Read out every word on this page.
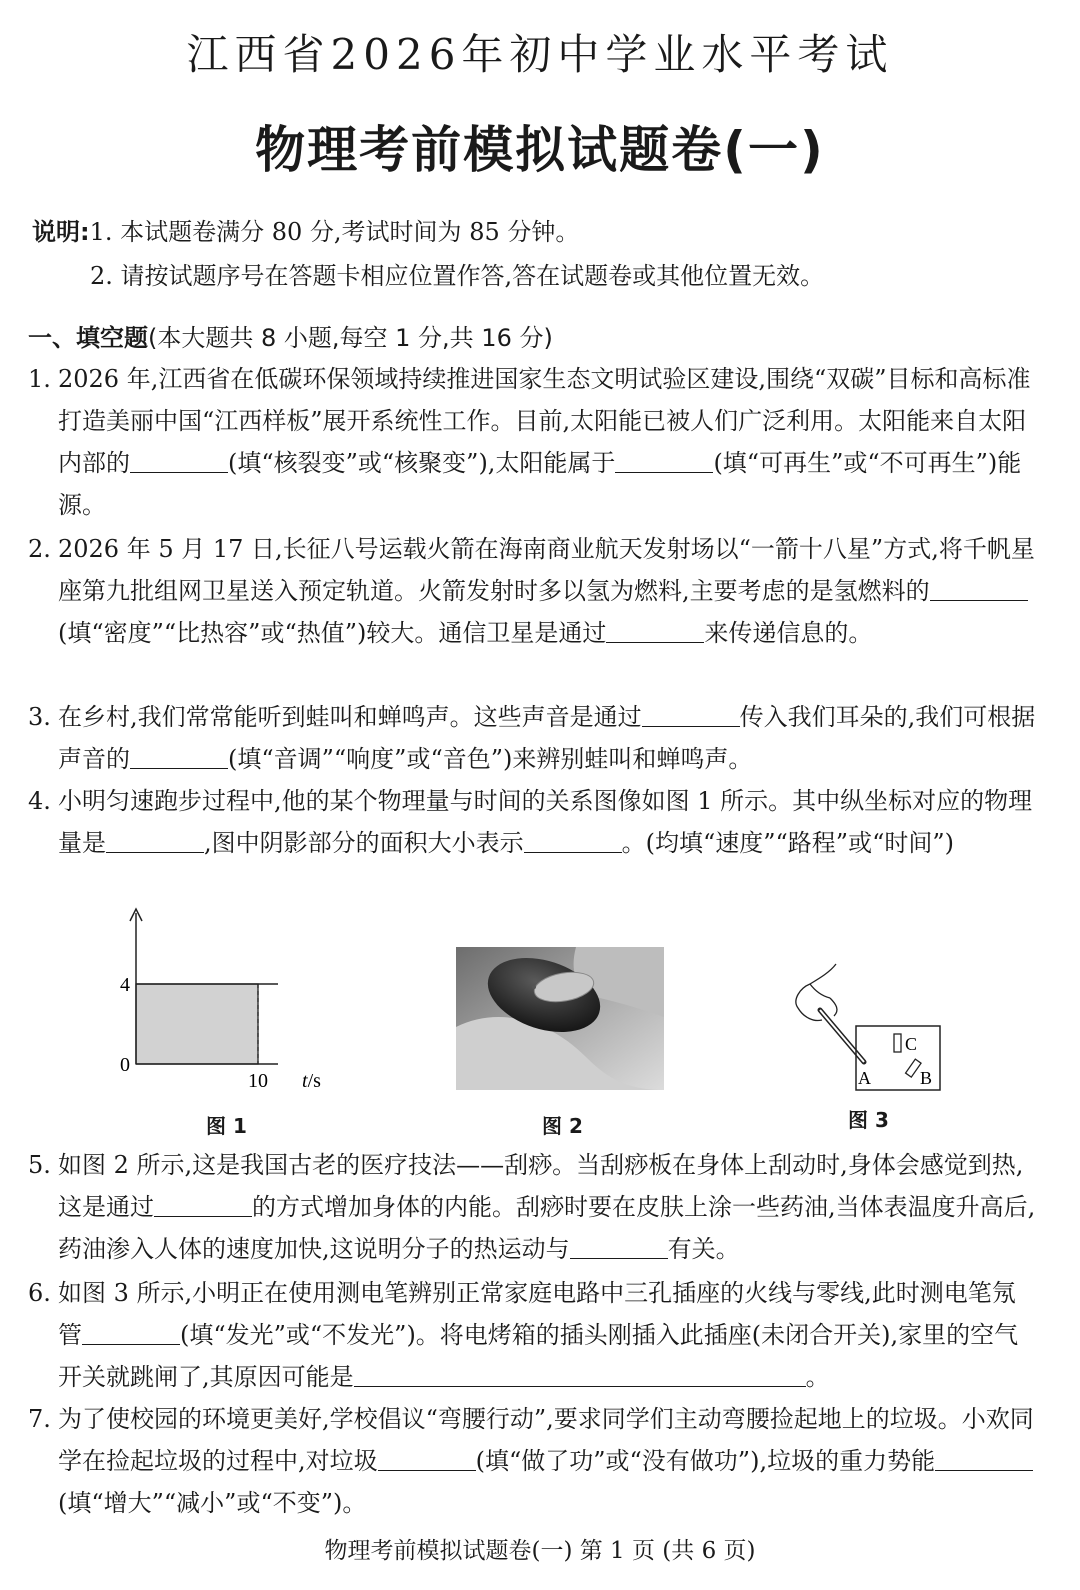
江西省2026年初中学业水平考试
物理考前模拟试题卷(一)
说明:1. 本试题卷满分 80 分,考试时间为 85 分钟。
2. 请按试题序号在答题卡相应位置作答,答在试题卷或其他位置无效。
一、填空题(本大题共 8 小题,每空 1 分,共 16 分)
1. 2026 年,江西省在低碳环保领域持续推进国家生态文明试验区建设,围绕“双碳”目标和高标准打造美丽中国“江西样板”展开系统性工作。目前,太阳能已被人们广泛利用。太阳能来自太阳内部的	(填“核裂变”或“核聚变”),太阳能属于	(填“可再生”或“不可再生”)能源。
2. 2026 年 5 月 17 日,长征八号运载火箭在海南商业航天发射场以“一箭十八星”方式,将千帆星座第九批组网卫星送入预定轨道。火箭发射时多以氢为燃料,主要考虑的是氢燃料的(填“密度”“比热容”或“热值”)较大。通信卫星是通过	来传递信息的。
3. 在乡村,我们常常能听到蛙叫和蝉鸣声。这些声音是通过	传入我们耳朵的,我们可根据声音的	(填“音调”“响度”或“音色”)来辨别蛙叫和蝉鸣声。
4. 小明匀速跑步过程中,他的某个物理量与时间的关系图像如图 1 所示。其中纵坐标对应的物理量是	,图中阴影部分的面积大小表示	。(均填“速度”“路程”或“时间”)
4
0
10 t/s
图 1	图 2
C
B
A
图 3
5. 如图 2 所示,这是我国古老的医疗技法——刮痧。当刮痧板在身体上刮动时,身体会感觉到热,这是通过	的方式增加身体的内能。刮痧时要在皮肤上涂一些药油,当体表温度升高后,药油渗入人体的速度加快,这说明分子的热运动与	有关。
6. 如图 3 所示,小明正在使用测电笔辨别正常家庭电路中三孔插座的火线与零线,此时测电笔氖管	(填“发光”或“不发光”)。将电烤箱的插头刚插入此插座(未闭合开关),家里的空气开关就跳闸了,其原因可能是	。
7. 为了使校园的环境更美好,学校倡议“弯腰行动”,要求同学们主动弯腰捡起地上的垃圾。小欢同学在捡起垃圾的过程中,对垃圾	(填“做了功”或“没有做功”),垃圾的重力势能(填“增大”“减小”或“不变”)。
物理考前模拟试题卷(一) 第 1 页 (共 6 页)
